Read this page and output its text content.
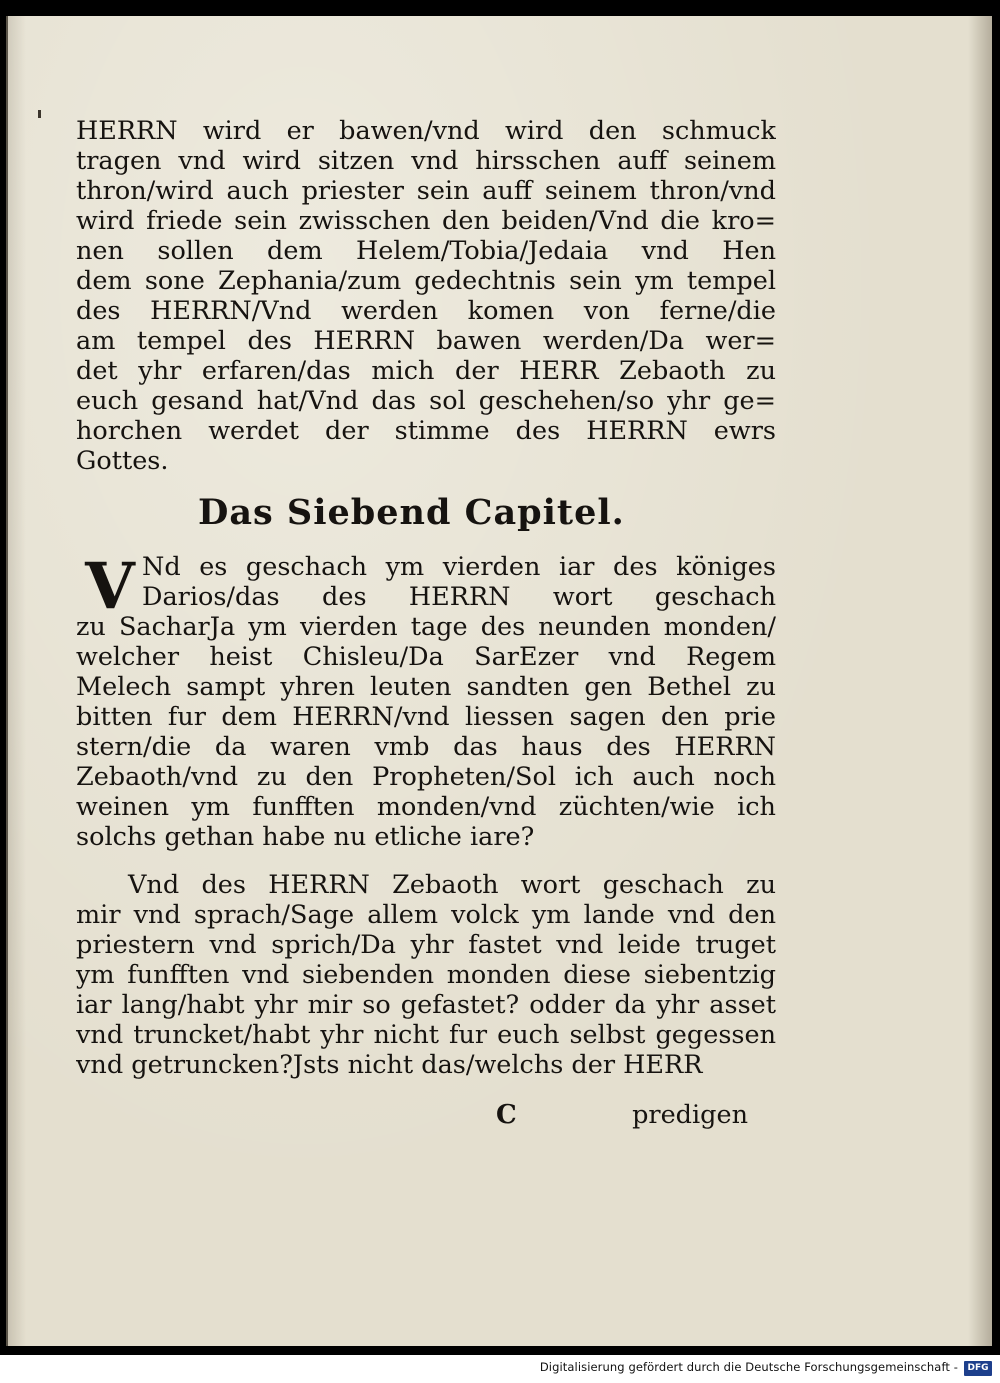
HERRN wird er bawen/vnd wird den schmuck
tragen vnd wird sitzen vnd hirsschen auff seinem
thron/wird auch priester sein auff seinem thron/vnd
wird friede sein zwisschen den beiden/Vnd die kro=
nen sollen dem Helem/Tobia/Jedaia vnd Hen
dem sone Zephania/zum gedechtnis sein ym tempel
des HERRN/Vnd werden komen von ferne/die
am tempel des HERRN bawen werden/Da wer=
det yhr erfaren/das mich der HERR Zebaoth zu
euch gesand hat/Vnd das sol geschehen/so yhr ge=
horchen werdet der stimme des HERRN ewrs
Gottes.
Das Siebend Capitel.
V Nd es geschach ym vierden iar des königes
Darios/das des HERRN wort geschach
zu SacharJa ym vierden tage des neunden monden/
welcher heist Chisleu/Da SarEzer vnd Regem
Melech sampt yhren leuten sandten gen Bethel zu
bitten fur dem HERRN/vnd liessen sagen den prie
stern/die da waren vmb das haus des HERRN
Zebaoth/vnd zu den Propheten/Sol ich auch noch
weinen ym funfften monden/vnd züchten/wie ich
solchs gethan habe nu etliche iare?
Vnd des HERRN Zebaoth wort geschach zu
mir vnd sprach/Sage allem volck ym lande vnd den
priestern vnd sprich/Da yhr fastet vnd leide truget
ym funfften vnd siebenden monden diese siebentzig
iar lang/habt yhr mir so gefastet? odder da yhr asset
vnd truncket/habt yhr nicht fur euch selbst gegessen
vnd getruncken?Jsts nicht das/welchs der HERR
C	predigen
Digitalisierung gefördert durch die Deutsche Forschungsgemeinschaft -	DFG
